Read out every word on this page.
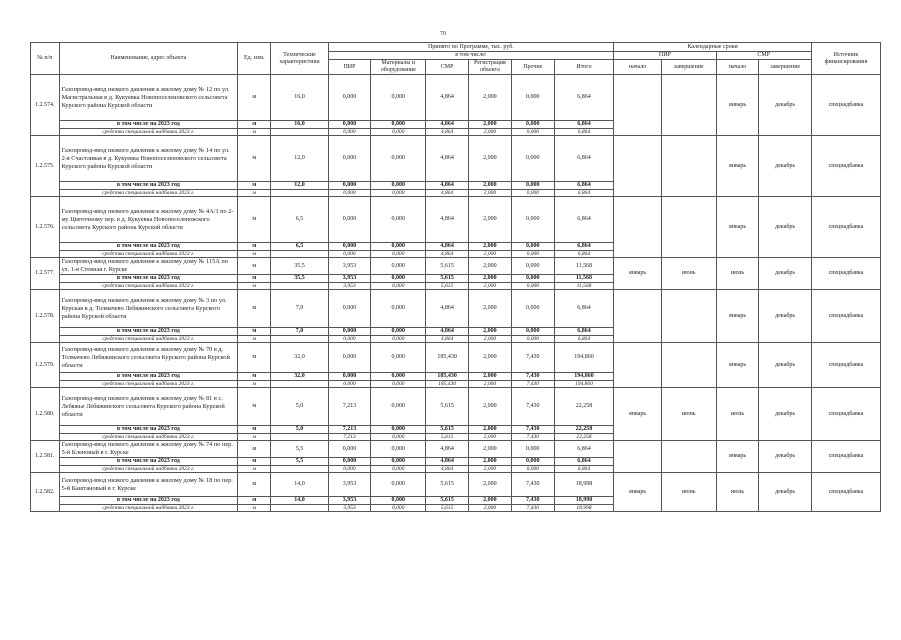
70
№ п/п	Наименование, адрес объекта	Ед. изм.	Технические характеристики	Принято по Программе, тыс. руб.						Календарные сроки				Источник финансирования
				в том числе:						ПИР		СМР		
				ПИР	Материалы и оборудование	СМР	Регистрация объекта	Прочие	Итого	начало	завершение	начало	завершение	
1.2.574.	Газопровод-ввод низкого давления к жилому дому № 12 по ул. Магистральная в д. Кукуевка Новопоселеновского сельсовета Курского района Курской области	м	16,0	0,000	0,000	4,864	2,000	0,000	6,864			январь	декабрь	спецнадбавка
	в том числе на 2023 год	м	16,0	0,000	0,000	4,864	2,000	0,000	6,864					
	средства специальной надбавки 2023 г.	м		0,000	0,000	4,864	2,000	0,000	6,864					
1.2.575.	Газопровод-ввод низкого давления к жилому дому № 14 по ул. 2-я Счастливая в д. Кукуевка Новопоселеновского сельсовета Курского района Курской области	м	12,0	0,000	0,000	4,864	2,000	0,000	6,864			январь	декабрь	спецнадбавка
	в том числе на 2023 год	м	12,0	0,000	0,000	4,864	2,000	0,000	6,864					
	средства специальной надбавки 2023 г.	м		0,000	0,000	4,864	2,000	0,000	6,864					
1.2.576.	Газопровод-ввод низкого давления к жилому дому № 4А/1 по 2-му Цветочному пер. в д. Кукуевка Новопоселеновского сельсовета Курского района Курской области	м	6,5	0,000	0,000	4,864	2,000	0,000	6,864			январь	декабрь	спецнадбавка
	в том числе на 2023 год	м	6,5	0,000	0,000	4,864	2,000	0,000	6,864					
	средства специальной надбавки 2023 г.	м		0,000	0,000	4,864	2,000	0,000	6,864					
1.2.577.	Газопровод-ввод низкого давления к жилому дому № 115А по ул. 1-я Стевная г. Курске	м	35,5	3,953	0,000	5,615	2,000	0,000	11,568	январь	июнь	июль	декабрь	спецнадбавка
	в том числе на 2023 год	м	35,5	3,953	0,000	5,615	2,000	0,000	11,568					
	средства специальной надбавки 2023 г.	м		3,953	0,000	5,615	2,000	0,000	11,568					
1.2.578.	Газопровод-ввод низкого давления к жилому дому № 3 по ул. Курская в д. Толмачево Лебяжинского сельсовета Курского района Курской области	м	7,0	0,000	0,000	4,864	2,000	0,000	6,864			январь	декабрь	спецнадбавка
	в том числе на 2023 год	м	7,0	0,000	0,000	4,864	2,000	0,000	6,864					
	средства специальной надбавки 2023 г.	м		0,000	0,000	4,864	2,000	0,000	6,864					
1.2.579.	Газопровод-ввод низкого давления к жилому дому № 70 в д. Толмачево Лебяжинского сельсовета Курского района Курской области	м	32,0	0,000	0,000	185,430	2,000	7,430	194,860			январь	декабрь	спецнадбавка
	в том числе на 2023 год	м	32,0	0,000	0,000	185,430	2,000	7,430	194,860					
	средства специальной надбавки 2023 г.	м		0,000	0,000	185,430	2,000	7,430	194,860					
1.2.580.	Газопровод-ввод низкого давления к жилому дому № 81 в с. Лебяжье Лебяжинского сельсовета Курского района Курской области	м	5,0	7,213	0,000	5,615	2,000	7,430	22,258	январь	июнь	июль	декабрь	спецнадбавка
	в том числе на 2023 год	м	5,0	7,213	0,000	5,615	2,000	7,430	22,258					
	средства специальной надбавки 2023 г.	м		7,213	0,000	5,615	2,000	7,430	22,258					
1.2.581.	Газопровод-ввод низкого давления к жилому дому № 74 по пер. 5-й Кленовый в г. Курске	м	5,5	0,000	0,000	4,864	2,000	0,000	6,864			январь	декабрь	спецнадбавка
	в том числе на 2023 год	м	5,5	0,000	0,000	4,864	2,000	0,000	6,864					
	средства специальной надбавки 2023 г.	м		0,000	0,000	4,864	2,000	0,000	6,864					
1.2.582.	Газопровод-ввод низкого давления к жилому дому № 18 по пер. 5-й Каштановый в г. Курске	м	14,0	3,953	0,000	5,615	2,000	7,430	18,998	январь	июнь	июль	декабрь	спецнадбавка
	в том числе на 2023 год	м	14,0	3,953	0,000	5,615	2,000	7,430	18,998					
	средства специальной надбавки 2023 г.	м		3,953	0,000	5,615	2,000	7,430	18,998					
